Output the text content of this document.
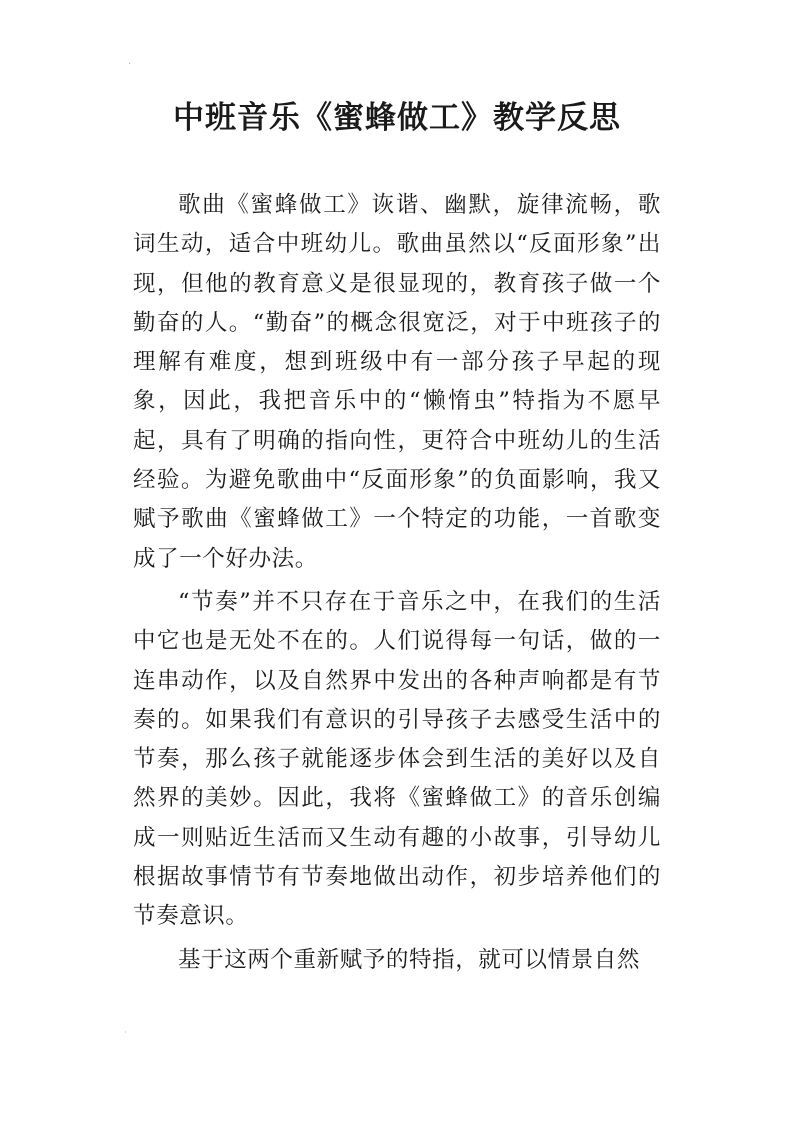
·
中班音乐《蜜蜂做工》教学反思

歌曲《蜜蜂做工》诙谐、幽默，旋律流畅，歌词生动，适合中班幼儿。歌曲虽然以“反面形象”出现，但他的教育意义是很显现的，教育孩子做一个勤奋的人。“勤奋”的概念很宽泛，对于中班孩子的理解有难度，想到班级中有一部分孩子早起的现象，因此，我把音乐中的“懒惰虫”特指为不愿早起，具有了明确的指向性，更符合中班幼儿的生活经验。为避免歌曲中“反面形象”的负面影响，我又赋予歌曲《蜜蜂做工》一个特定的功能，一首歌变成了一个好办法。

“节奏”并不只存在于音乐之中，在我们的生活中它也是无处不在的。人们说得每一句话，做的一连串动作，以及自然界中发出的各种声响都是有节奏的。如果我们有意识的引导孩子去感受生活中的节奏，那么孩子就能逐步体会到生活的美好以及自然界的美妙。因此，我将《蜜蜂做工》的音乐创编成一则贴近生活而又生动有趣的小故事，引导幼儿根据故事情节有节奏地做出动作，初步培养他们的节奏意识。

基于这两个重新赋予的特指，就可以情景自然

˙
